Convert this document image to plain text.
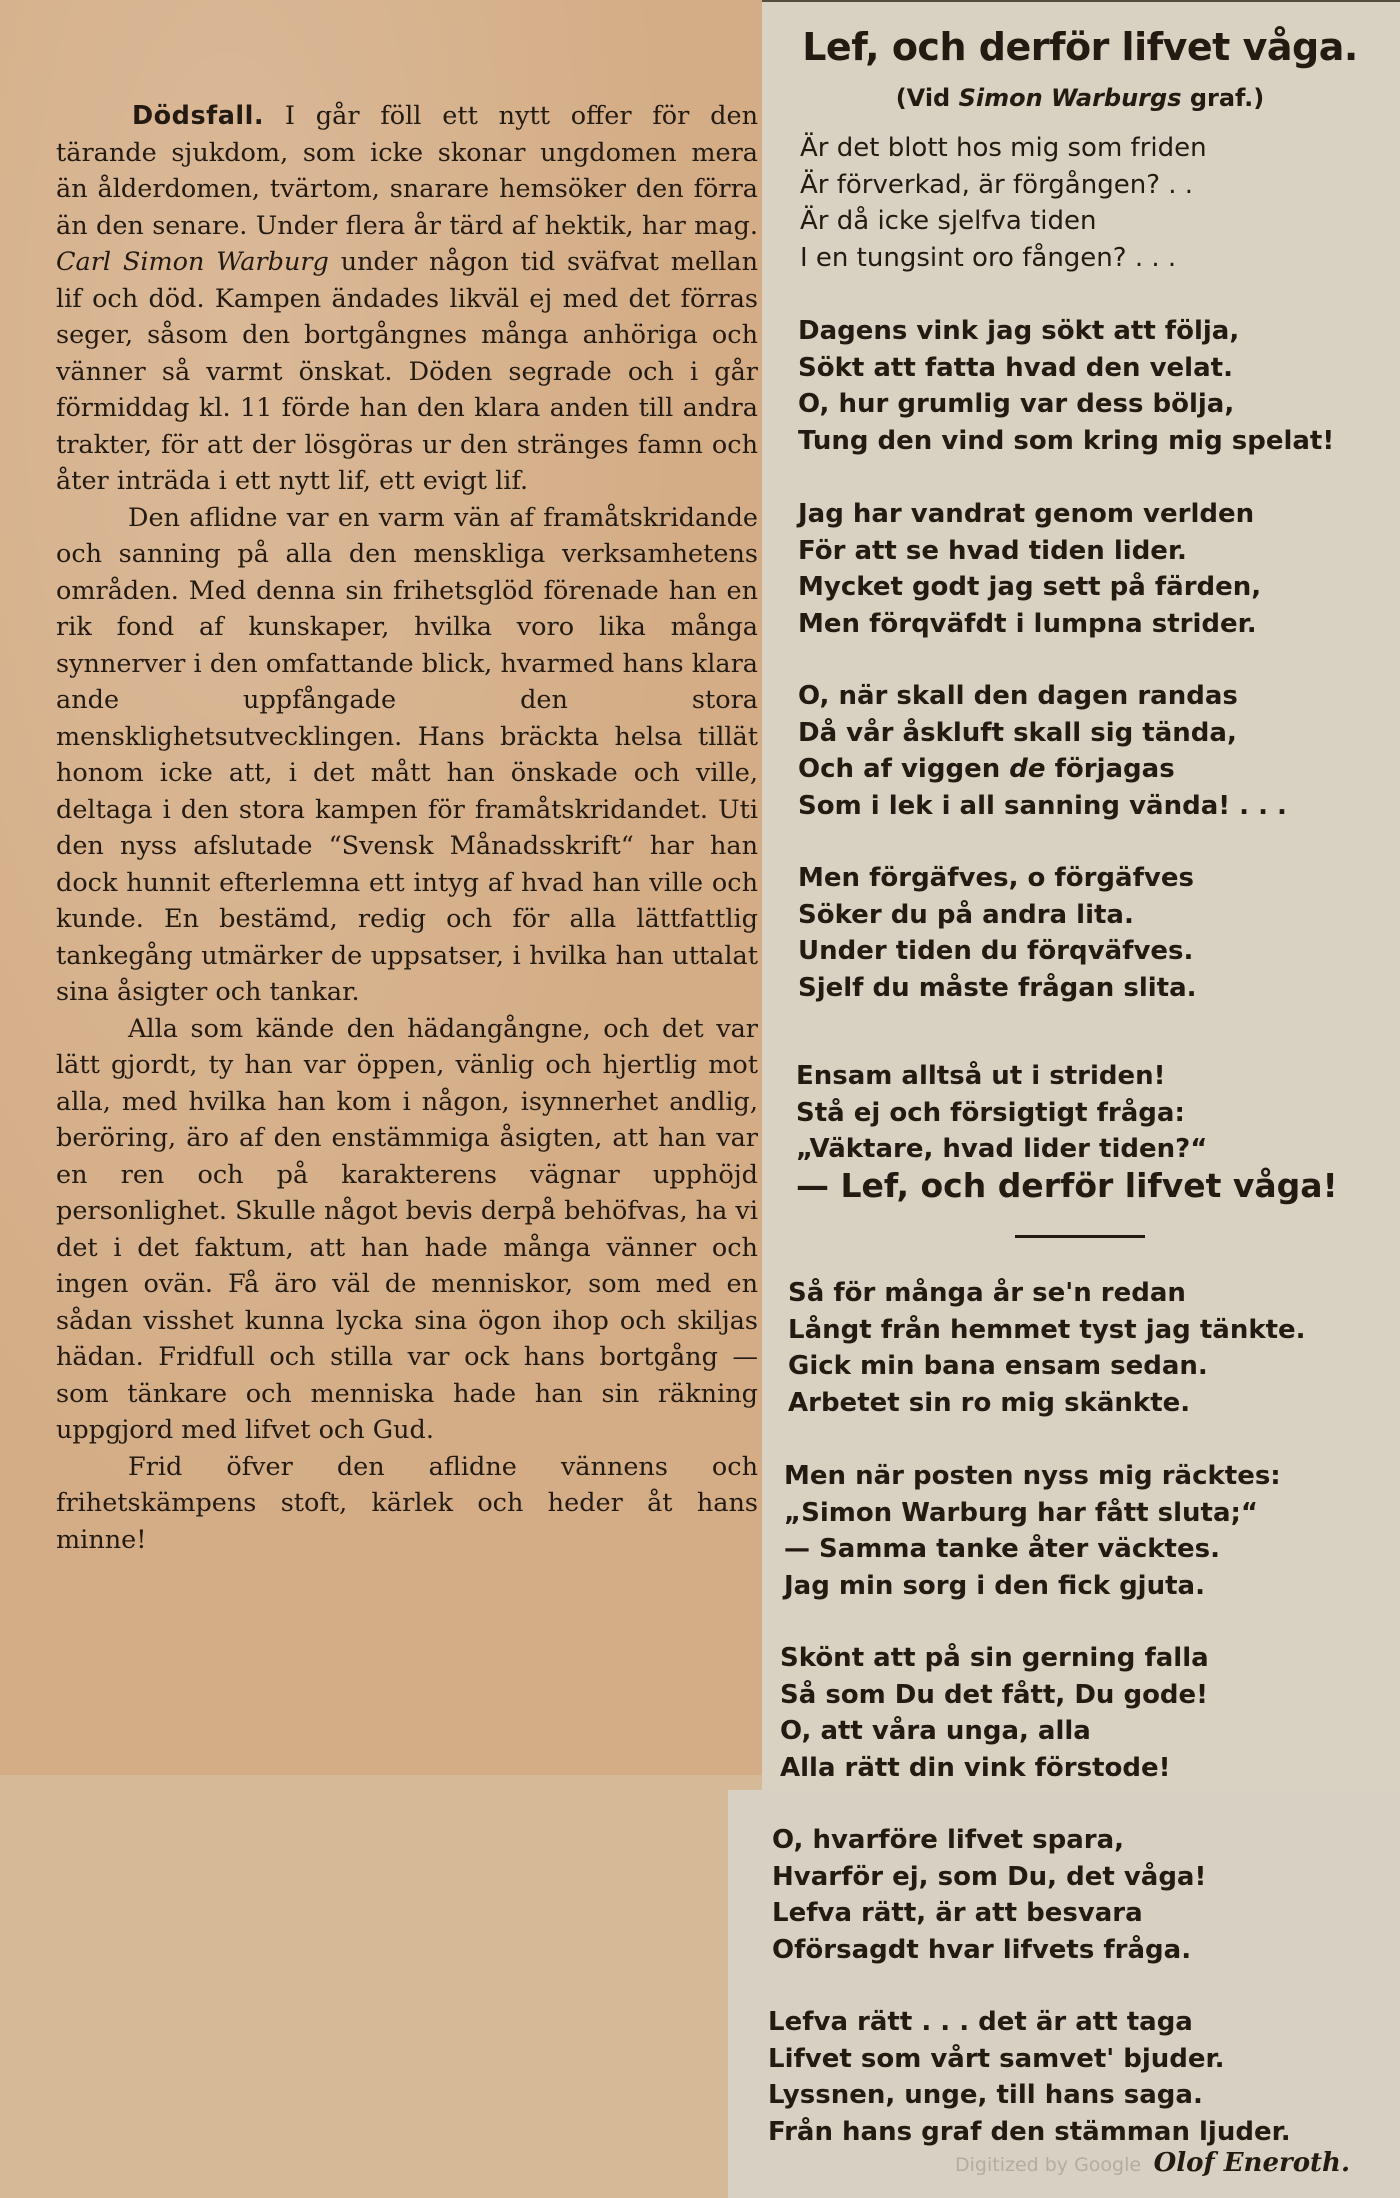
Dödsfall. I går föll ett nytt offer för den tärande sjukdom, som icke skonar ungdomen mera än ålderdomen, tvärtom, snarare hemsöker den förra än den senare. Under flera år tärd af hektik, har mag. Carl Simon Warburg under någon tid sväfvat mellan lif och död. Kampen ändades likväl ej med det förras seger, såsom den bortgångnes många anhöriga och vänner så varmt önskat. Döden segrade och i går förmiddag kl. 11 förde han den klara anden till andra trakter, för att der lösgöras ur den stränges famn och åter inträda i ett nytt lif, ett evigt lif.

Den aflidne var en varm vän af framåtskridande och sanning på alla den menskliga verksamhetens områden. Med denna sin frihetsglöd förenade han en rik fond af kunskaper, hvilka voro lika många synnerver i den omfattande blick, hvarmed hans klara ande uppfångade den stora mensklighetsutvecklingen. Hans bräckta helsa tillät honom icke att, i det mått han önskade och ville, deltaga i den stora kampen för framåtskridandet. Uti den nyss afslutade “Svensk Månadsskrift“ har han dock hunnit efterlemna ett intyg af hvad han ville och kunde. En bestämd, redig och för alla lättfattlig tankegång utmärker de uppsatser, i hvilka han uttalat sina åsigter och tankar.

Alla som kände den hädangångne, och det var lätt gjordt, ty han var öppen, vänlig och hjertlig mot alla, med hvilka han kom i någon, isynnerhet andlig, beröring, äro af den enstämmiga åsigten, att han var en ren och på karakterens vägnar upphöjd personlighet. Skulle något bevis derpå behöfvas, ha vi det i det faktum, att han hade många vänner och ingen ovän. Få äro väl de menniskor, som med en sådan visshet kunna lycka sina ögon ihop och skiljas hädan. Fridfull och stilla var ock hans bortgång — som tänkare och menniska hade han sin räkning uppgjord med lifvet och Gud.

Frid öfver den aflidne vännens och frihetskämpens stoft, kärlek och heder åt hans minne!

Lef, och derför lifvet våga.
(Vid Simon Warburgs graf.)
Är det blott hos mig som friden
Är förverkad, är förgången? . .
Är då icke sjelfva tiden
I en tungsint oro fången? . . .
Dagens vink jag sökt att följa,
Sökt att fatta hvad den velat.
O, hur grumlig var dess bölja,
Tung den vind som kring mig spelat!
Jag har vandrat genom verlden
För att se hvad tiden lider.
Mycket godt jag sett på färden,
Men förqväfdt i lumpna strider.
O, när skall den dagen randas
Då vår åskluft skall sig tända,
Och af viggen de förjagas
Som i lek i all sanning vända! . . .
Men förgäfves, o förgäfves
Söker du på andra lita.
Under tiden du förqväfves.
Sjelf du måste frågan slita.
Ensam alltså ut i striden!
Stå ej och försigtigt fråga:
„Väktare, hvad lider tiden?“
— Lef, och derför lifvet våga!
Så för många år se'n redan
Långt från hemmet tyst jag tänkte.
Gick min bana ensam sedan.
Arbetet sin ro mig skänkte.
Men när posten nyss mig räcktes:
„Simon Warburg har fått sluta;“
— Samma tanke åter väcktes.
Jag min sorg i den fick gjuta.
Skönt att på sin gerning falla
Så som Du det fått, Du gode!
O, att våra unga, alla
Alla rätt din vink förstode!
O, hvarföre lifvet spara,
Hvarför ej, som Du, det våga!
Lefva rätt, är att besvara
Oförsagdt hvar lifvets fråga.
Lefva rätt . . . det är att taga
Lifvet som vårt samvet' bjuder.
Lyssnen, unge, till hans saga.
Från hans graf den stämman ljuder.
Digitized by Google Olof Eneroth.
